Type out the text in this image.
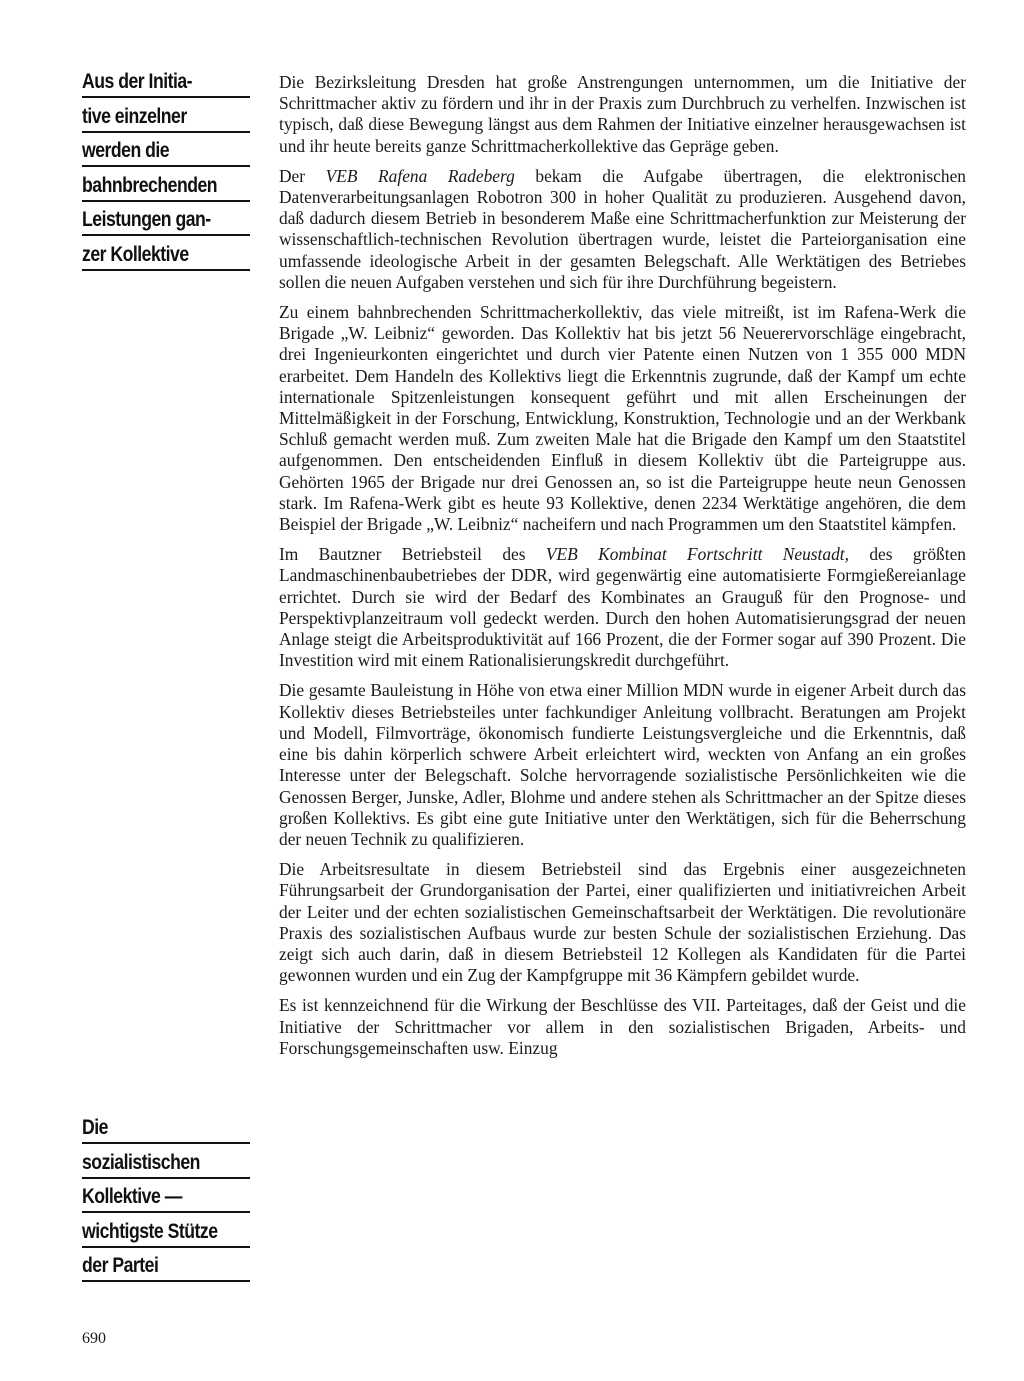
Aus der Initia-
tive einzelner
werden die
bahnbrechenden
Leistungen gan-
zer Kollektive
Die
sozialistischen
Kollektive —
wichtigste Stütze
der Partei

Die Bezirksleitung Dresden hat große Anstrengungen unternommen, um die Initiative der Schrittmacher aktiv zu fördern und ihr in der Praxis zum Durchbruch zu verhelfen. Inzwischen ist typisch, daß diese Bewegung längst aus dem Rahmen der Initiative einzelner herausgewachsen ist und ihr heute bereits ganze Schrittmacherkollektive das Gepräge geben.

Der VEB Rafena Radeberg bekam die Aufgabe übertragen, die elektronischen Datenverarbeitungsanlagen Robotron 300 in hoher Qualität zu produzieren. Ausgehend davon, daß dadurch diesem Betrieb in besonderem Maße eine Schrittmacherfunktion zur Meisterung der wissenschaftlich-technischen Revolution übertragen wurde, leistet die Parteiorganisation eine umfassende ideologische Arbeit in der gesamten Belegschaft. Alle Werktätigen des Betriebes sollen die neuen Aufgaben verstehen und sich für ihre Durchführung begeistern.

Zu einem bahnbrechenden Schrittmacherkollektiv, das viele mitreißt, ist im Rafena-Werk die Brigade „W. Leibniz“ geworden. Das Kollektiv hat bis jetzt 56 Neuerervorschläge eingebracht, drei Ingenieurkonten eingerichtet und durch vier Patente einen Nutzen von 1 355 000 MDN erarbeitet. Dem Handeln des Kollektivs liegt die Erkenntnis zugrunde, daß der Kampf um echte internationale Spitzenleistungen konsequent geführt und mit allen Erscheinungen der Mittelmäßigkeit in der Forschung, Entwicklung, Konstruktion, Technologie und an der Werkbank Schluß gemacht werden muß. Zum zweiten Male hat die Brigade den Kampf um den Staatstitel aufgenommen. Den entscheidenden Einfluß in diesem Kollektiv übt die Parteigruppe aus. Gehörten 1965 der Brigade nur drei Genossen an, so ist die Parteigruppe heute neun Genossen stark. Im Rafena-Werk gibt es heute 93 Kollektive, denen 2234 Werktätige angehören, die dem Beispiel der Brigade „W. Leibniz“ nacheifern und nach Programmen um den Staatstitel kämpfen.

Im Bautzner Betriebsteil des VEB Kombinat Fortschritt Neustadt, des größten Landmaschinenbaubetriebes der DDR, wird gegenwärtig eine automatisierte Formgießereianlage errichtet. Durch sie wird der Bedarf des Kombinates an Grauguß für den Prognose- und Perspektivplanzeitraum voll gedeckt werden. Durch den hohen Automatisierungsgrad der neuen Anlage steigt die Arbeitsproduktivität auf 166 Prozent, die der Former sogar auf 390 Prozent. Die Investition wird mit einem Rationalisierungskredit durchgeführt.

Die gesamte Bauleistung in Höhe von etwa einer Million MDN wurde in eigener Arbeit durch das Kollektiv dieses Betriebsteiles unter fachkundiger Anleitung vollbracht. Beratungen am Projekt und Modell, Filmvorträge, ökonomisch fundierte Leistungsvergleiche und die Erkenntnis, daß eine bis dahin körperlich schwere Arbeit erleichtert wird, weckten von Anfang an ein großes Interesse unter der Belegschaft. Solche hervorragende sozialistische Persönlichkeiten wie die Genossen Berger, Junske, Adler, Blohme und andere stehen als Schrittmacher an der Spitze dieses großen Kollektivs. Es gibt eine gute Initiative unter den Werktätigen, sich für die Beherrschung der neuen Technik zu qualifizieren.

Die Arbeitsresultate in diesem Betriebsteil sind das Ergebnis einer ausgezeichneten Führungsarbeit der Grundorganisation der Partei, einer qualifizierten und initiativreichen Arbeit der Leiter und der echten sozialistischen Gemeinschaftsarbeit der Werktätigen. Die revolutionäre Praxis des sozialistischen Aufbaus wurde zur besten Schule der sozialistischen Erziehung. Das zeigt sich auch darin, daß in diesem Betriebsteil 12 Kollegen als Kandidaten für die Partei gewonnen wurden und ein Zug der Kampfgruppe mit 36 Kämpfern gebildet wurde.

Es ist kennzeichnend für die Wirkung der Beschlüsse des VII. Parteitages, daß der Geist und die Initiative der Schrittmacher vor allem in den sozialistischen Brigaden, Arbeits- und Forschungsgemeinschaften usw. Einzug

690
